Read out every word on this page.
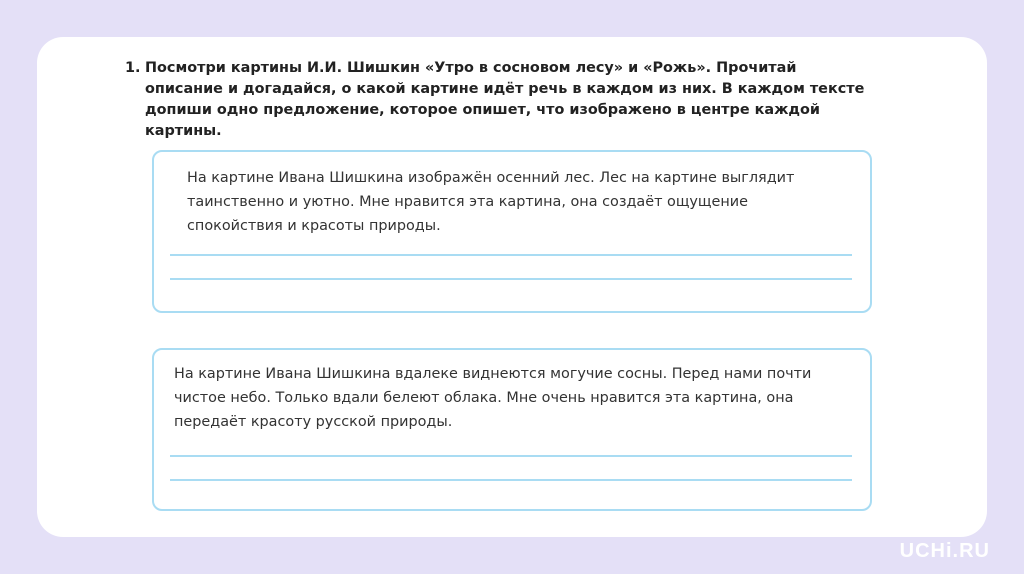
1. Посмотри картины И.И. Шишкин «Утро в сосновом лесу» и «Рожь». Прочитай описание и догадайся, о какой картине идёт речь в каждом из них. В каждом тексте допиши одно предложение, которое опишет, что изображено в центре каждой картины.

На картине Ивана Шишкина изображён осенний лес. Лес на картине выглядит таинственно и уютно. Мне нравится эта картина, она создаёт ощущение спокойствия и красоты природы.

На картине Ивана Шишкина вдалеке виднеются могучие сосны. Перед нами почти чистое небо. Только вдали белеют облака. Мне очень нравится эта картина, она передаёт красоту русской природы.

UCHi.RU
